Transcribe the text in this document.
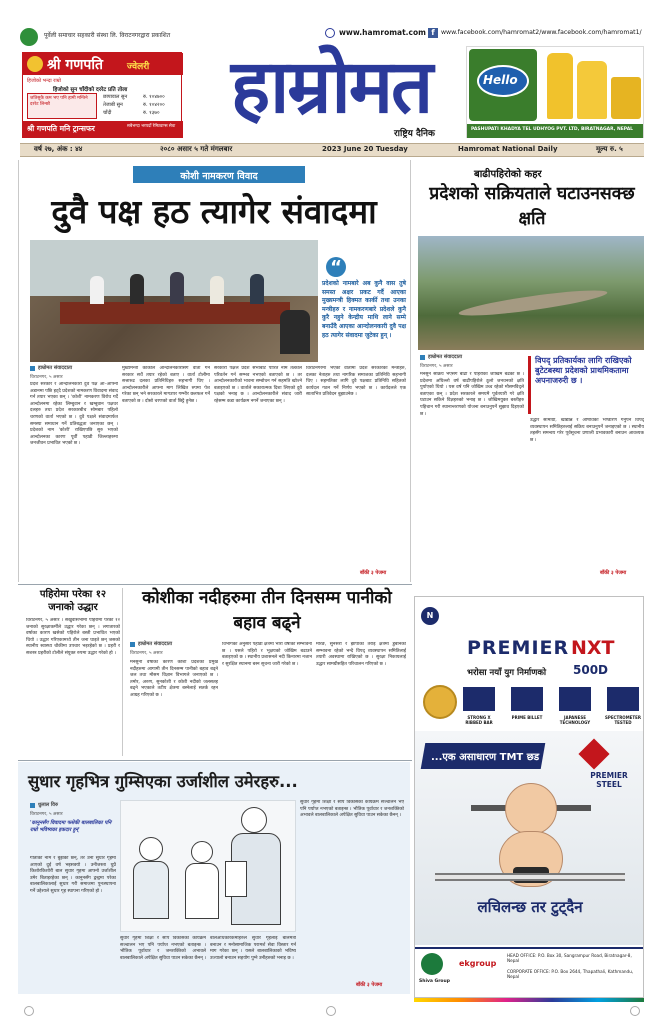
पूर्वेली समाचार सहकारी संस्था लि. विराटनगरद्वारा प्रकाशित	www.hamromat.com f	www.facebook.com/hamromat2/www.facebook.com/hamromat1/
श्री गणपति	ज्वेलरी
हिजोको भन्दा राम्रो
हिजोको सुन चाँदीको दररेट प्रति तोला
जतिसुकै कम भए पनि हामी मन्त्रिने दररेट लिन्छौ
छापावाल सुन	रु. १०४७००
तेजाबी सुन	रु. १०४२००
चाँदी	रु. १३७०
श्री गणपति मनि ट्रान्सफर	सबैभन्दा भरपर्दो रेमिट्यान्स सेवा हाम्रोमत
राष्ट्रिय दैनिक
Hello
PASHUPATI KHADYA TEL UDHYOG PVT. LTD, BIRATNAGAR, NEPAL
वर्ष २७, अंक : ४४	२०८० असार ५ गते मंगलबार	2023 June 20 Tuesday	Hamromat National Daily	मूल्य रु. ५
कोशी नामकरण विवाद
दुवै पक्ष हठ त्यागेर संवादमा
“
प्रदेशको नामबारे अब कुनै वास तुषे समस्त अक्षर प्रकट गर्दै आएका मुख्यमन्त्री हिक्मत कार्की तथा उनका मन्त्रीहरु र नामकरणबारे प्रदेशले कुनै कुरै नहुने केन्द्रीय माथि लाने सम्मे बनाउँदै आएका आन्दोलनकारी दुवै पक्ष हठ त्यागेर संवादमा जुटेका हुन् ।
हाम्रोमत संवाददाता
विराटनगर, ५ असार
प्रदेश सरकार र आन्दोलनकारी दुवै पक्ष आ–आफ्नो अडानमा पछि हट्दै प्रदेशको नामकरण विवादमा संवाद गर्न तयार भएका छन् । 'कोशी' नामकरण विरोध गर्दै आन्दोलनमा रहेका लिम्बुवान र खम्बुवान पक्षधर दलहरु तथा प्रदेश सरकारबीच सोमबार पहिलो चरणको वार्ता भएको छ । दुवै पक्षले संवादमार्फत समस्या समाधान गर्ने प्रतिबद्धता जनाएका छन् । प्रदेशको नाम 'कोशी' राखिएपछि सुरु भएको आन्दोलनका कारण पूर्वी पहाडी जिल्लाहरुमा जनजीवन प्रभावित भएको छ ।
मुख्यमन्त्री कार्कीले आन्दोलनकारीसँग वार्ता गर्न सरकार सधैं तयार रहेको बताए । वार्ता टोलीमा सत्तारुढ दलका प्रतिनिधिहरु सहभागी थिए । आन्दोलनकारीले आफ्ना माग लिखित रुपमा पेश गरेका छन् भने सरकारले मागउपर गम्भीर छलफल गर्ने बताएको छ । दोस्रो चरणको वार्ता छिट्टै हुनेछ ।
सरकारी पक्षले प्रदेश सभाबाट पारित नाम तत्काल परिवर्तन गर्न सम्भव नभएको बताएको छ । तर आन्दोलनकारीको भावना सम्बोधन गर्न सहमति खोज्ने बताइएको छ । वार्ताले सकारात्मक दिशा लिएको दुवै पक्षको भनाइ छ । आन्दोलनकारीले संवाद जारी रहेसम्म कडा कार्यक्रम नगर्ने जनाएका छन् ।
विराटनगरमा भएको वार्तामा प्रदेश सरकारका मन्त्रीहरु, दलका नेताहरु तथा नागरिक समाजका प्रतिनिधि सहभागी थिए । सहमतिका लागि दुवै पक्षबाट प्रतिनिधि सहितको कार्यदल गठन गर्ने निर्णय भएको छ । कार्यदलले एक साताभित्र प्रतिवेदन बुझाउनेछ ।
बाँकी ३ पेजमा
बाढीपहिरोको कहर
प्रदेशको सक्रियताले घटाउनसक्छ क्षति
हाम्रोमत संवाददाता
विराटनगर, ५ असार
मनसुन सक्रिय भएसँगै बाढी र पहिरोको जोखिम बढेको छ । प्रदेशमा अघिल्लो वर्ष बाढीपहिरोले ठूलो जनधनको क्षति पुर्याएको थियो । यस वर्ष पनि जोखिम उच्च रहेको मौसमविद्ले बताएका छन् । प्रदेश सरकारले समयमै पूर्वतयारी गरे क्षति घटाउन सकिने विज्ञहरुको भनाइ छ । जोखिमयुक्त बस्तीहरु पहिचान गरी स्थानान्तरणको योजना बनाउनुपर्ने सुझाव दिइएको छ ।
विपद् प्रतिकार्यका लागि राखिएको बुटेटबस्था प्रदेशको प्राथमिकतामा अपनाजरुरी छ ।
उद्धार सामाग्री, खाद्यान्न र औषधिको भण्डारण गर्नुपर्ने विपद् व्यवस्थापन समितिहरुलाई सक्रिय बनाउनुपर्ने जनाइएको छ । स्थानीय तहसँग समन्वय गरेर पूर्वसूचना प्रणाली प्रभावकारी बनाउन आवश्यक छ ।
बाँकी ३ पेजमा
पहिरोमा परेका १२ जनाको उद्धार
विराटनगर, ५ असार । संखुवासभामा पहिरोमा परेका १२ जनाको सुरक्षाकर्मीले उद्धार गरेका छन् । लगातारको वर्षाका कारण खसेको पहिरोले बस्ती प्रभावित भएको थियो । उद्धार गरिएकामध्ये तीन जना घाइते छन् जसको स्थानीय स्वास्थ्य चौकीमा उपचार भइरहेको छ । प्रहरी र सशस्त्र प्रहरीको टोलीले संयुक्त रुपमा उद्धार गरेको हो ।
कोशीका नदीहरुमा तीन दिनसम्म पानीको बहाव बढ्ने
हाम्रोमत संवाददाता
विराटनगर, ५ असार
मनसुनी वर्षाका कारण कोशी प्रदेशका प्रमुख नदीहरुमा आगामी तीन दिनसम्म पानीको बहाव बढ्ने जल तथा मौसम विज्ञान विभागले जनाएको छ । तमोर, अरुण, सुनकोशी र कोशी नदीको जलसतह बढ्ने भएकाले तटीय क्षेत्रमा बस्नेलाई सतर्क रहन आग्रह गरिएको छ ।
विभागका अनुसार पहाडी क्षेत्रमा भारी वर्षाको सम्भावना छ । यसले पहिरो र भूक्षयको जोखिम बढाउने बताइएको छ । स्थानीय प्रशासनले नदी किनारमा नजान र सुरक्षित स्थानमा बस्न सूचना जारी गरेको छ ।
मोरङ, सुनसरी र झापाका तराई क्षेत्रमा डुबानको सम्भावना रहेको भन्दै विपद् व्यवस्थापन समितिलाई तयारी अवस्थामा राखिएको छ । सुरक्षा निकायलाई उद्धार सामग्रीसहित परिचालन गरिएको छ ।
सुधार गृहभित्र गुम्सिएका उर्जाशील उमेरहरु...
धुलाल विरु
विराटनगर, ५ असार
'कानुनसँग विवादमा फसेकी बालबालिका पनि राम्रो भविष्यका हकदार हुन्'
गीताको नाम र बुझेकी छन्, तर उनी सुधार गृहमा आएको दुई वर्ष भइसक्यो । उनीजस्ता थुप्रै किशोरकिशोरी बाल सुधार गृहमा आफ्नो उर्जाशील उमेर बिताइरहेका छन् । कानुनसँग द्वन्द्वमा परेका बालबालिकालाई सुधार गरी समाजमा पुनःस्थापना गर्ने उद्देश्यले सुधार गृह स्थापना गरिएको हो ।
सुधार गृहमा शिक्षा र सीप विकासका कार्यक्रम सञ्चालन भए पनि पर्याप्त नभएको बताइन्छ । भौतिक पूर्वाधार र जनशक्तिको अभावले बालबालिकाले अपेक्षित सुविधा पाउन सकेका छैनन् ।
बालअधिकारकर्मीहरुले सुधार गृहलाई बालमैत्री बनाउन र मनोसामाजिक परामर्श सेवा विस्तार गर्न माग गरेका छन् । यसले बालबालिकाको भविष्य उज्यालो बनाउन सहयोग पुग्ने उनीहरुको भनाइ छ ।
सुधार गृहमा शिक्षा र सीप विकासका कार्यक्रम सञ्चालन भए पनि पर्याप्त नभएको बताइन्छ । भौतिक पूर्वाधार र जनशक्तिको अभावले बालबालिकाले अपेक्षित सुविधा पाउन सकेका छैनन् ।
बाँकी ३ पेजमा
N
PREMIER NXT
500D
भरोसा नयाँ युग निर्माणको
STRONG X RIBBED BAR
PRIME BILLET	JAPANESE TECHNOLOGY
SPECTROMETER TESTED
...एक असाधारण TMT छड
PREMIER STEEL
लचिलन्छ तर टुट्दैन
Shiva Group
ekgroup
HEAD OFFICE: P.O. Box 30, Sangrampur Road, Biratnagar-8, Nepal
CORPORATE OFFICE: P.O. Box 2644, Thapathali, Kathmandu, Nepal
